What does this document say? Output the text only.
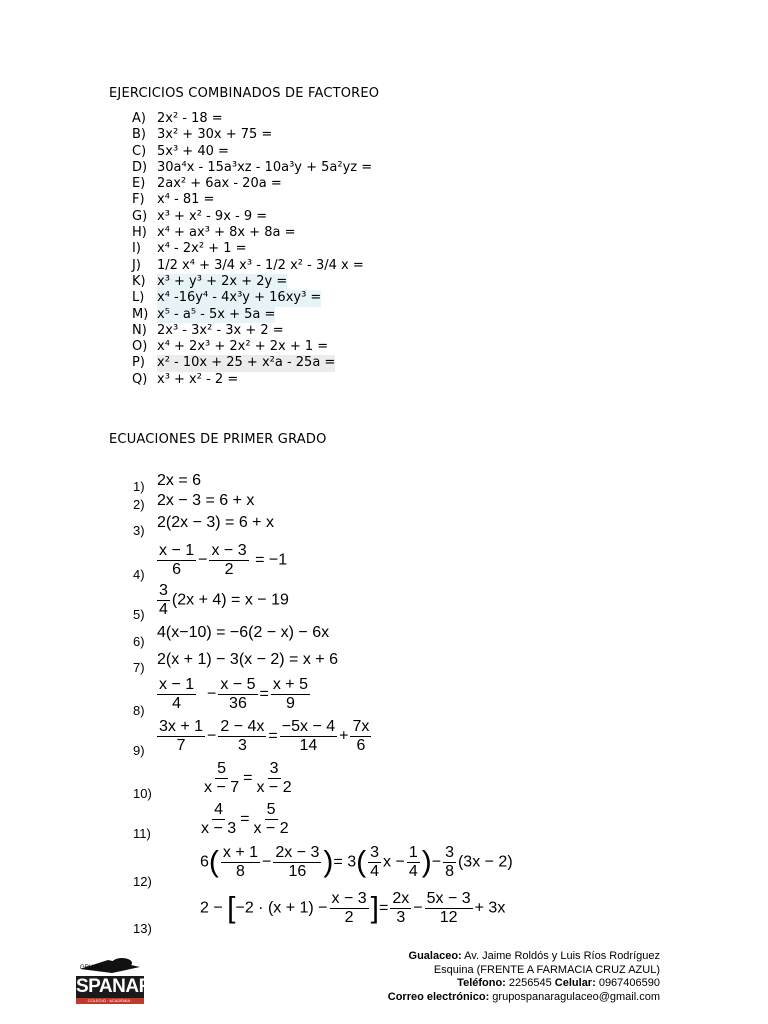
EJERCICIOS COMBINADOS DE FACTOREO
A) 2x² - 18 =
B) 3x² + 30x + 75 =
C) 5x³ + 40 =
D) 30a⁴x - 15a³xz - 10a³y + 5a²yz =
E) 2ax² + 6ax - 20a =
F) x⁴ - 81 =
G) x³ + x² - 9x - 9 =
H) x⁴ + ax³ + 8x + 8a =
I)	x⁴ - 2x² + 1 =
J)	1/2 x⁴ + 3/4 x³ - 1/2 x² - 3/4 x =
K) x³ + y³ + 2x + 2y =
L) x⁴ -16y⁴ - 4x³y + 16xy³ =
M) x⁵ - a⁵ - 5x + 5a =
N) 2x³ - 3x² - 3x + 2 =
O) x⁴ + 2x³ + 2x² + 2x + 1 =
P) x² - 10x + 25 + x²a - 25a =
Q) x³ + x² - 2 =
ECUACIONES DE PRIMER GRADO
1)
2)
3)
4)
5)
6)
7)
8)
9)
10)
11)
12)
13)
2x = 6
2x − 3 = 6 + x
2(2x − 3) = 6 + x
$\frac{x - 1}{6} - \frac{x - 3}{2} = -1$
$\frac{3}{4} (2x + 4) = x - 19$
4(x−10) = −6(2 − x) − 6x
2(x + 1) − 3(x − 2) = x + 6
$\frac{x - 1}{4} - \frac{x - 5}{36} = \frac{x + 5}{9}$
$\frac{3x + 1}{7} - \frac{2 - 4x}{3} = \frac{-5x - 4}{14} + \frac{7x}{6}$
$\frac{5}{x - 7} = \frac{3}{x - 2}$
$\frac{4}{x - 3} = \frac{5}{x - 2}$
$6( \frac{x + 1}{8} - \frac{2x - 3}{16}$ )= $3( \frac{3}{4}$ $x - \frac{1}{4}$ )− $\frac{3}{8} (3x - 2)$
$2 - [-2 \cdot (x + 1) - \frac{x - 3}{2}$ ]= $\frac{2x}{3} - \frac{5x - 3}{12} + 3x$
GRUPO
SPANARA
COLEGIO · ACADEMIA · PREUNIVERSITARIO
Gualaceo: Av. Jaime Roldós y Luis Ríos Rodríguez
Esquina (FRENTE A FARMACIA CRUZ AZUL)
Teléfono: 2256545 Celular: 0967406590
Correo electrónico: grupospanaragulaceo@gmail.com
